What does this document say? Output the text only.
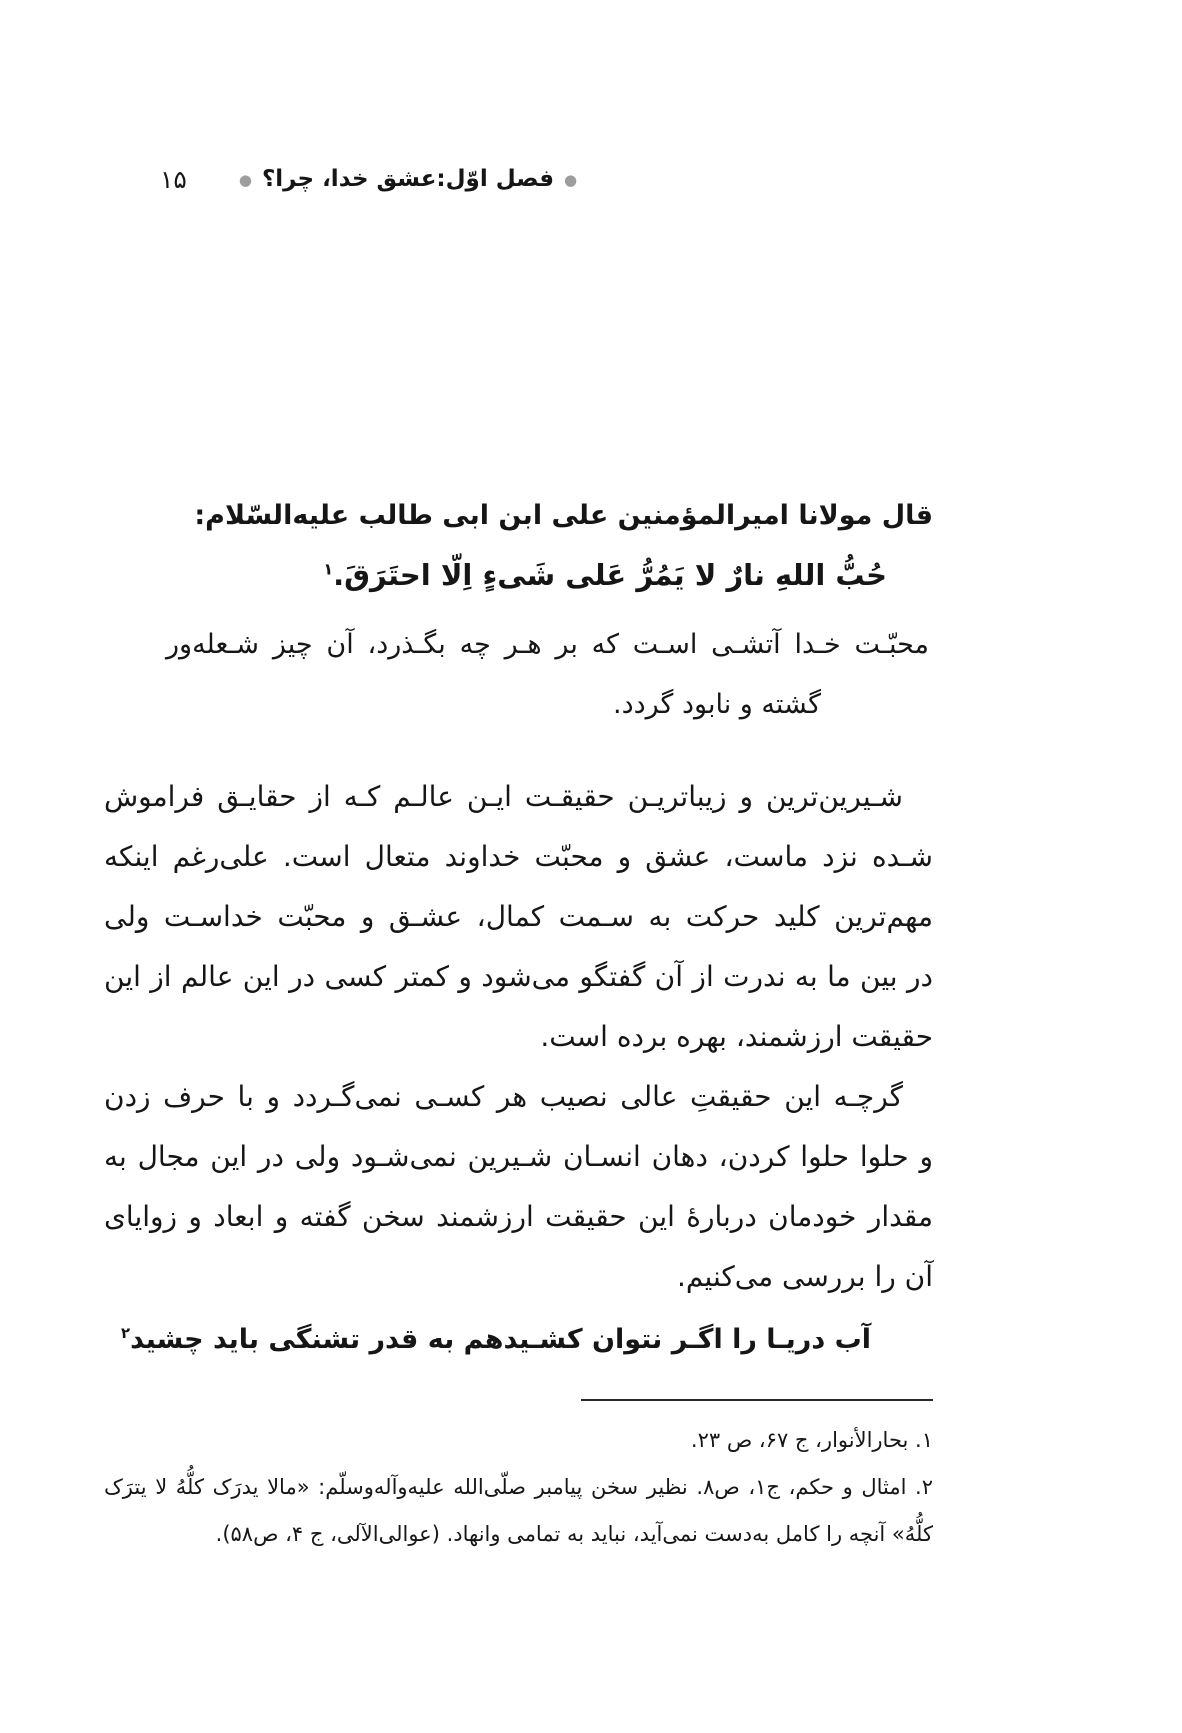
●
فصل اوّل:عشق خدا، چرا؟
●
۱۵
قال مولانا امیرالمؤمنین علی ابن ابی طالب علیه‌السّلام:
حُبُّ اللهِ نارٌ لا یَمُرُّ عَلی شَیءٍ اِلّا احتَرَقَ.$^۱$
محبّـت خـدا آتشـی اسـت که بر هـر چه بگـذرد، آن چیز شـعله‌ور
گشته و نابود گردد.
شـیرین‌ترین و زیباتریـن حقیقـت ایـن عالـم کـه از حقایـق فراموش
شـده نزد ماست، عشق و محبّت خداوند متعال است. علی‌رغم اینکه
مهم‌ترین کلید حرکت به سـمت کمال، عشـق و محبّت خداسـت ولی
در بین ما به ندرت از آن گفتگو می‌شود و کمتر کسی در این عالم از این
حقیقت ارزشمند، بهره برده است.
گرچـه این حقیقتِ عالی نصیب هر کسـی نمی‌گـردد و با حرف زدن
و حلوا حلوا کردن، دهان انسـان شـیرین نمی‌شـود ولی در این مجال به
مقدار خودمان دربارهٔ این حقیقت ارزشمند سخن گفته و ابعاد و زوایای
آن را بررسی می‌کنیم.
آب دریـا را اگـر نتوان کشـید
هم به قدر تشنگی باید چشید$^۲$
۱. بحارالأنوار، ج ۶۷، ص ۲۳.
۲. امثال و حکم، ج۱، ص۸. نظیر سخن پیامبر صلّی‌الله علیه‌وآله‌وسلّم: «مالا یدرَک کلُّهُ لا یترَک
کلُّهُ» آنچه را کامل به‌دست نمی‌آید، نباید به تمامی وانهاد. (عوالی‌الآلی، ج ۴، ص۵۸).
